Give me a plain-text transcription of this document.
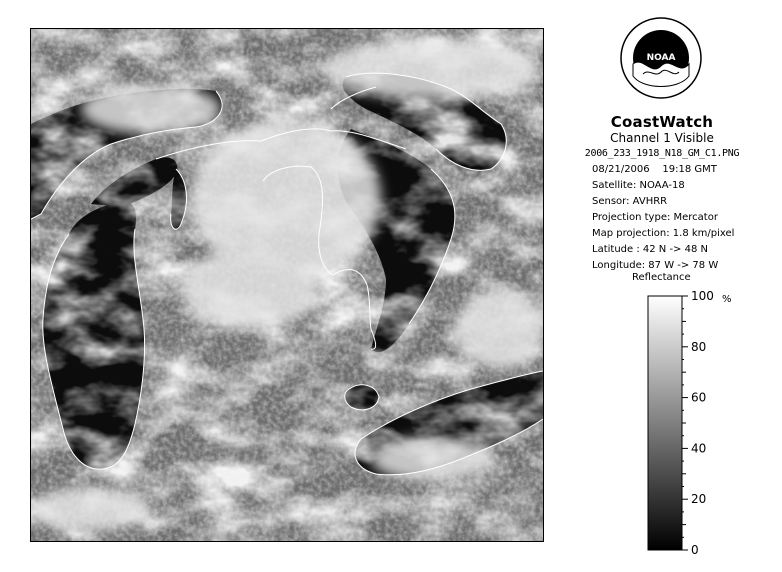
NOAA
CoastWatch
Channel 1 Visible
2006_233_1918_N18_GM_C1.PNG
08/21/2006 19:18 GMT
Satellite: NOAA-18
Sensor: AVHRR
Projection type: Mercator
Map projection: 1.8 km/pixel
Latitude : 42 N -> 48 N
Longitude: 87 W -> 78 W
Reflectance
0
20
40
60
80
100 %
